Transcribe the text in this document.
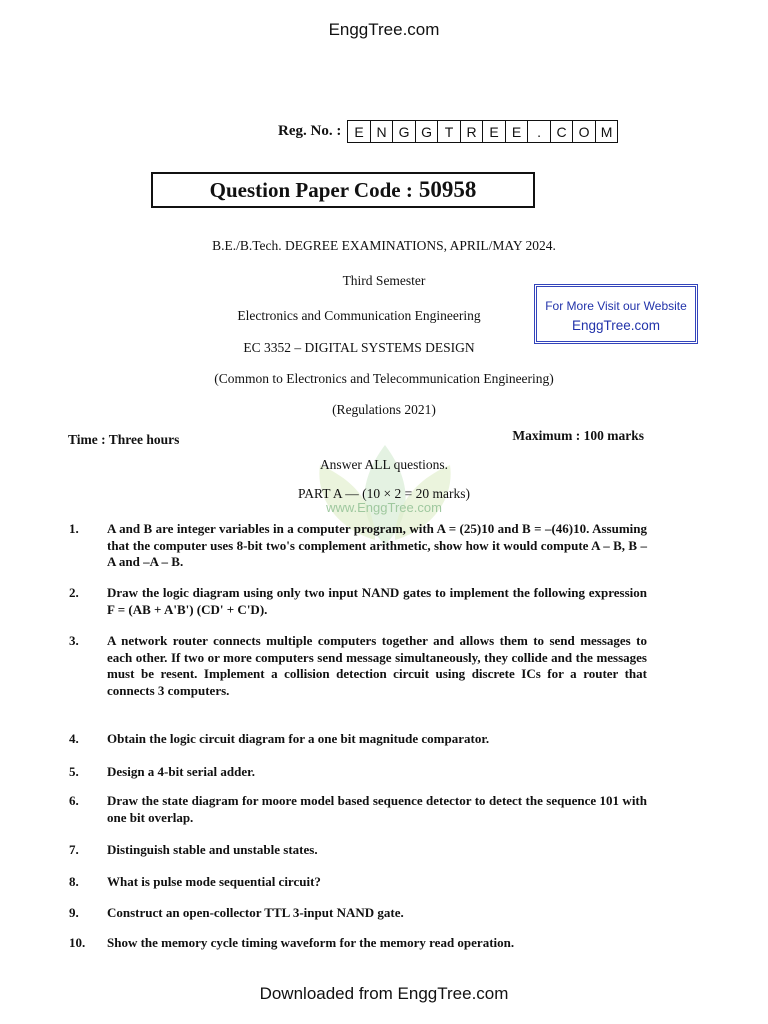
EnggTree.com
Reg. No. : E N G G T R E E	.	C O M
Question Paper Code : 50958
B.E./B.Tech. DEGREE EXAMINATIONS, APRIL/MAY 2024.
Third Semester
Electronics and Communication Engineering
EC 3352 – DIGITAL SYSTEMS DESIGN
(Common to Electronics and Telecommunication Engineering)
(Regulations 2021)
For More Visit our Website
EnggTree.com
Time : Three hours	Maximum : 100 marks
Answer ALL questions.
PART A — (10 × 2 = 20 marks)
www.EnggTree.com
1.	A and B are integer variables in a computer program, with A = (25)10 and B = –(46)10. Assuming that the computer uses 8-bit two's complement arithmetic, show how it would compute A – B, B – A and –A – B.
2.	Draw the logic diagram using only two input NAND gates to implement the following expression F = (AB + A'B') (CD' + C'D).
3.	A network router connects multiple computers together and allows them to send messages to each other. If two or more computers send message simultaneously, they collide and the messages must be resent. Implement a collision detection circuit using discrete ICs for a router that connects 3 computers.
4.	Obtain the logic circuit diagram for a one bit magnitude comparator.
5.	Design a 4-bit serial adder.
6.	Draw the state diagram for moore model based sequence detector to detect the sequence 101 with one bit overlap.
7.	Distinguish stable and unstable states.
8.	What is pulse mode sequential circuit?
9.	Construct an open-collector TTL 3-input NAND gate.
10.	Show the memory cycle timing waveform for the memory read operation.
Downloaded from EnggTree.com
